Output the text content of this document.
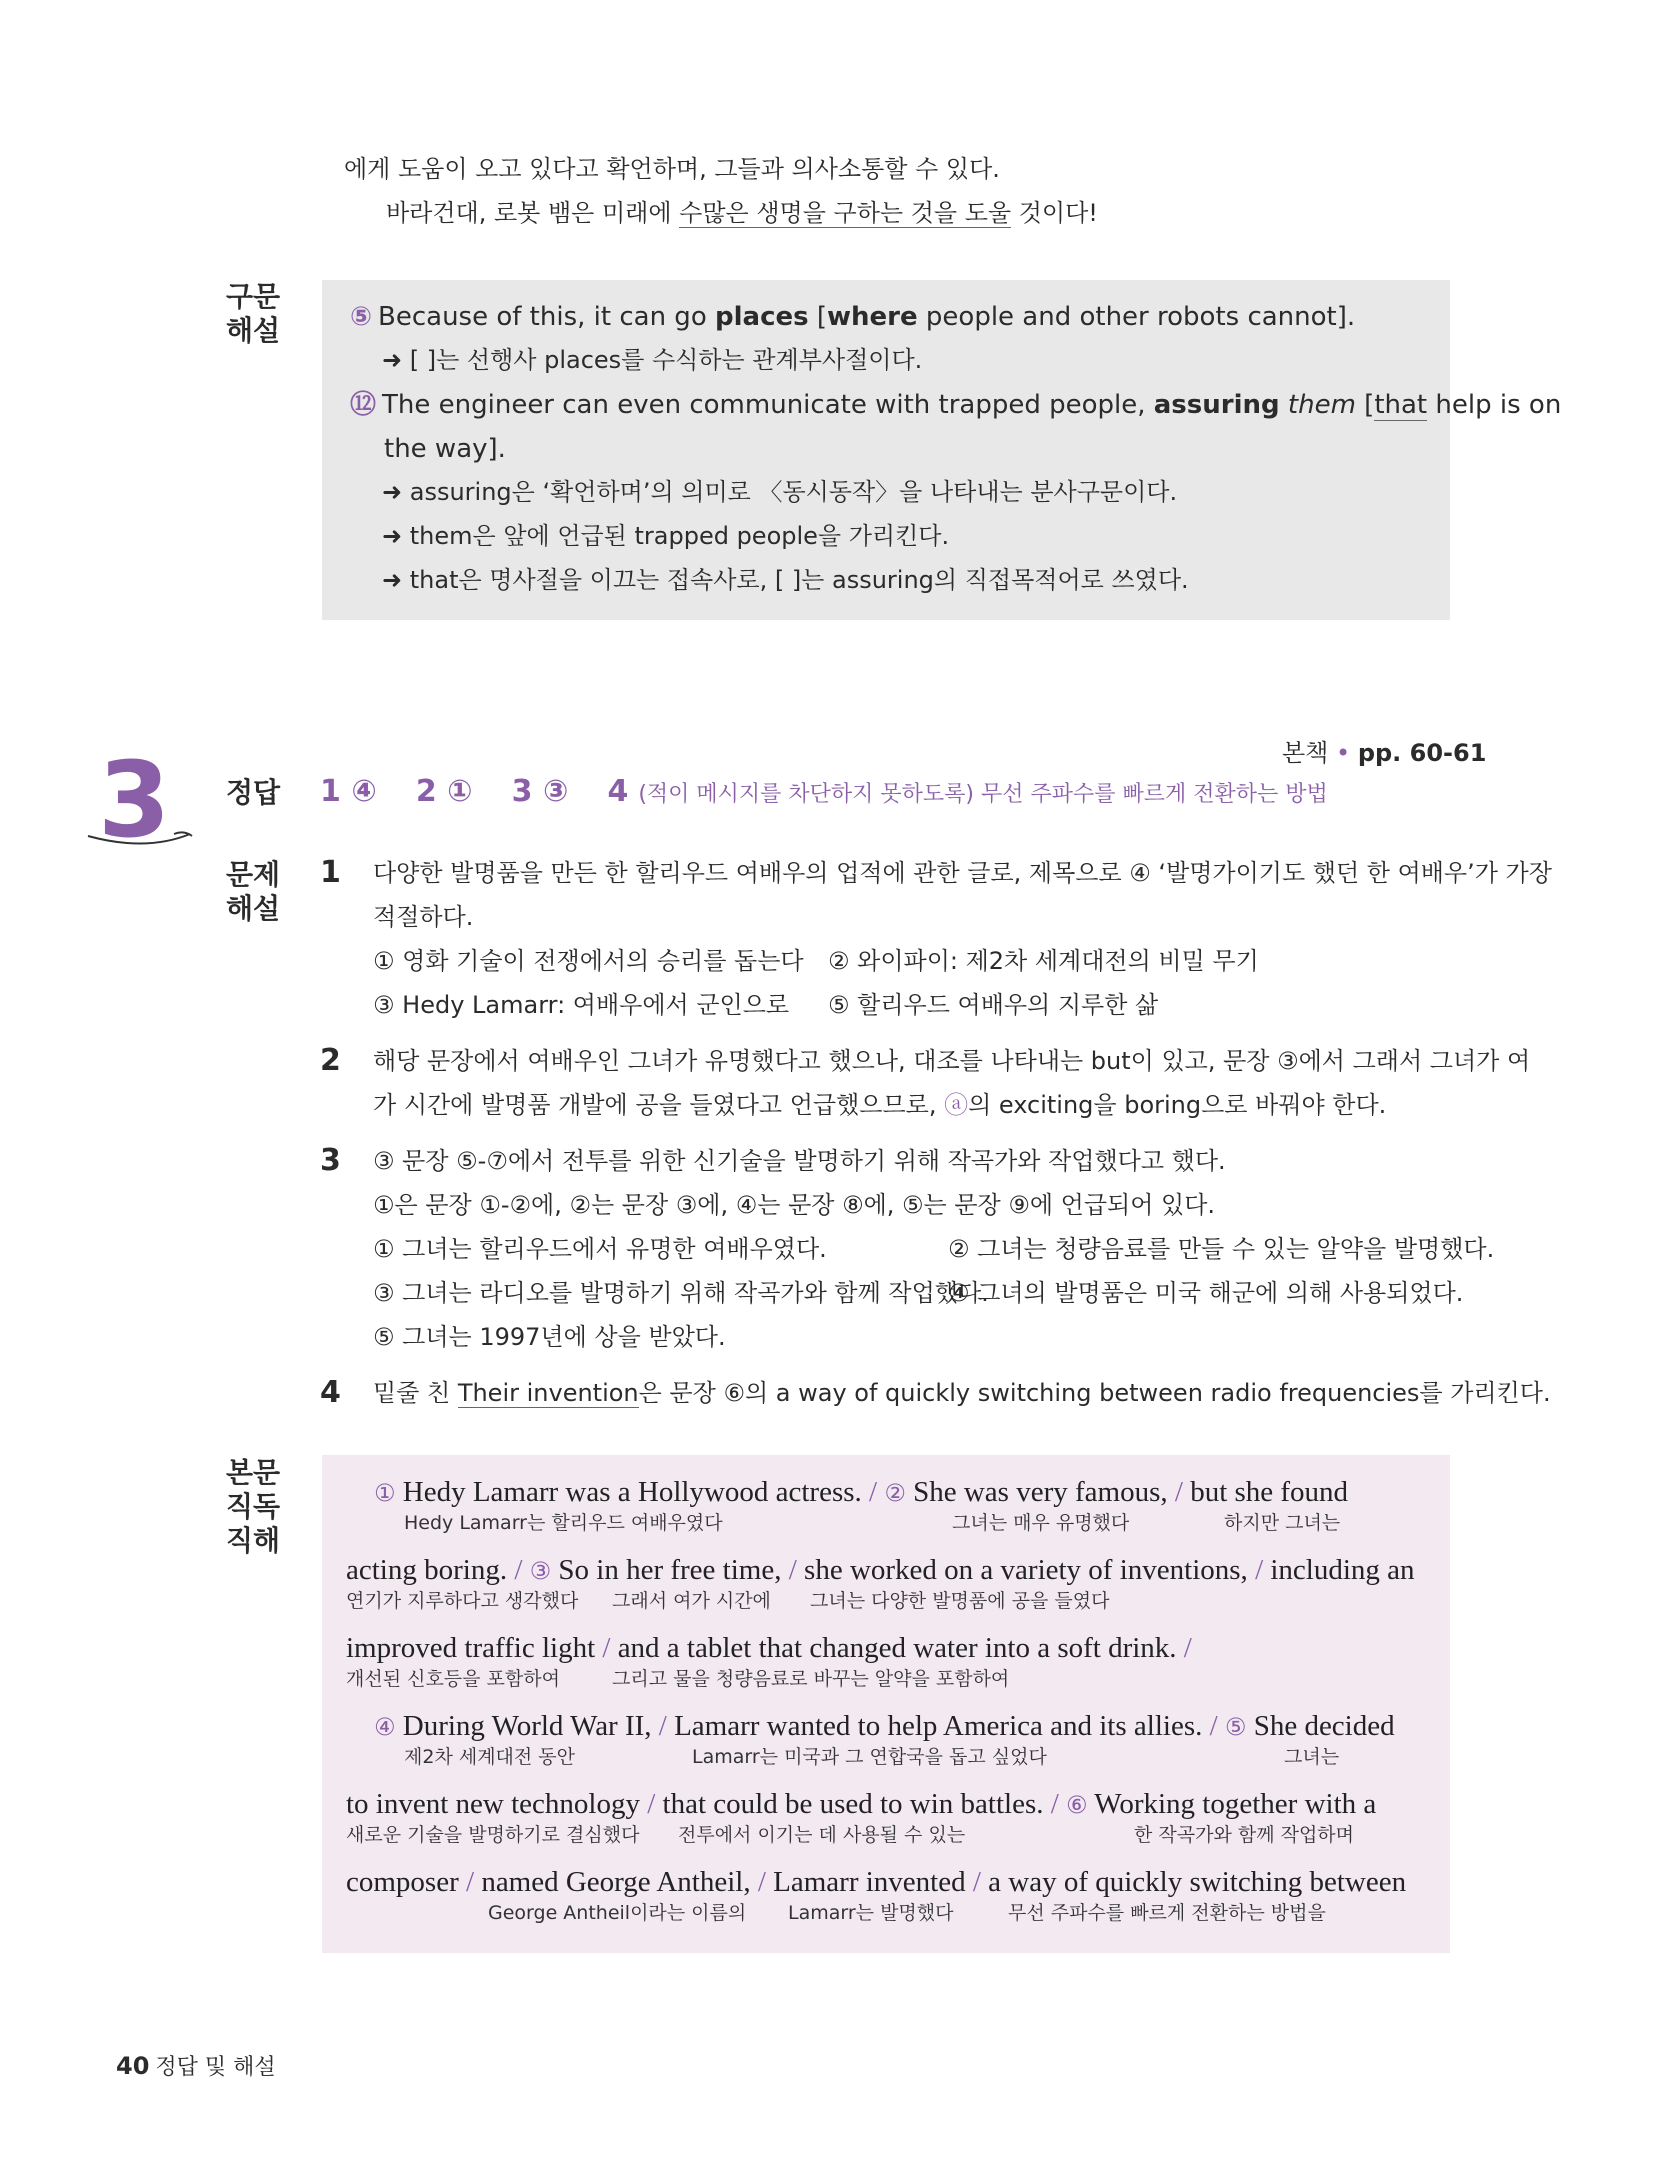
에게 도움이 오고 있다고 확언하며, 그들과 의사소통할 수 있다.
바라건대, 로봇 뱀은 미래에 수많은 생명을 구하는 것을 도울 것이다!
구문
해설	⑤ Because of this, it can go places [where people and other robots cannot].
➜ [ ]는 선행사 places를 수식하는 관계부사절이다.
⑫ The engineer can even communicate with trapped people, assuring them [that help is on
the way].
➜ assuring은 ‘확언하며’의 의미로 〈동시동작〉을 나타내는 분사구문이다.
➜ them은 앞에 언급된 trapped people을 가리킨다.
➜ that은 명사절을 이끄는 접속사로, [ ]는 assuring의 직접목적어로 쓰였다.
본책 • pp. 60-61
3 정답 1 ④ 2 ① 3 ③ 4 (적이 메시지를 차단하지 못하도록) 무선 주파수를 빠르게 전환하는 방법
문제
해설
1 다양한 발명품을 만든 한 할리우드 여배우의 업적에 관한 글로, 제목으로 ④ ‘발명가이기도 했던 한 여배우’가 가장
적절하다.
① 영화 기술이 전쟁에서의 승리를 돕는다 ② 와이파이: 제2차 세계대전의 비밀 무기
③ Hedy Lamarr: 여배우에서 군인으로 ⑤ 할리우드 여배우의 지루한 삶
2 해당 문장에서 여배우인 그녀가 유명했다고 했으나, 대조를 나타내는 but이 있고, 문장 ③에서 그래서 그녀가 여
가 시간에 발명품 개발에 공을 들였다고 언급했으므로, ⓐ의 exciting을 boring으로 바꿔야 한다.
3 ③ 문장 ⑤-⑦에서 전투를 위한 신기술을 발명하기 위해 작곡가와 작업했다고 했다.
①은 문장 ①-②에, ②는 문장 ③에, ④는 문장 ⑧에, ⑤는 문장 ⑨에 언급되어 있다.
① 그녀는 할리우드에서 유명한 여배우였다.	② 그녀는 청량음료를 만들 수 있는 알약을 발명했다.
③ 그녀는 라디오를 발명하기 위해 작곡가와 함께 작업했다.
④ 그녀의 발명품은 미국 해군에 의해 사용되었다.
⑤ 그녀는 1997년에 상을 받았다.
4 밑줄 친 Their invention은 문장 ⑥의 a way of quickly switching between radio frequencies를 가리킨다.
본문
직독
직해
① Hedy Lamarr was a Hollywood actress. / ② She was very famous, / but she found
Hedy Lamarr는 할리우드 여배우였다	그녀는 매우 유명했다	하지만 그녀는
acting boring. / ③ So in her free time, / she worked on a variety of inventions, / including an
연기가 지루하다고 생각했다 그래서 여가 시간에 그녀는 다양한 발명품에 공을 들였다
improved traffic light / and a tablet that changed water into a soft drink. /
개선된 신호등을 포함하여	그리고 물을 청량음료로 바꾸는 알약을 포함하여
④ During World War II, / Lamarr wanted to help America and its allies. / ⑤ She decided
제2차 세계대전 동안	Lamarr는 미국과 그 연합국을 돕고 싶었다	그녀는
to invent new technology / that could be used to win battles. / ⑥ Working together with a
새로운 기술을 발명하기로 결심했다 전투에서 이기는 데 사용될 수 있는	한 작곡가와 함께 작업하며
composer / named George Antheil, / Lamarr invented / a way of quickly switching between
George Antheil이라는 이름의 Lamarr는 발명했다	무선 주파수를 빠르게 전환하는 방법을
40 정답 및 해설
